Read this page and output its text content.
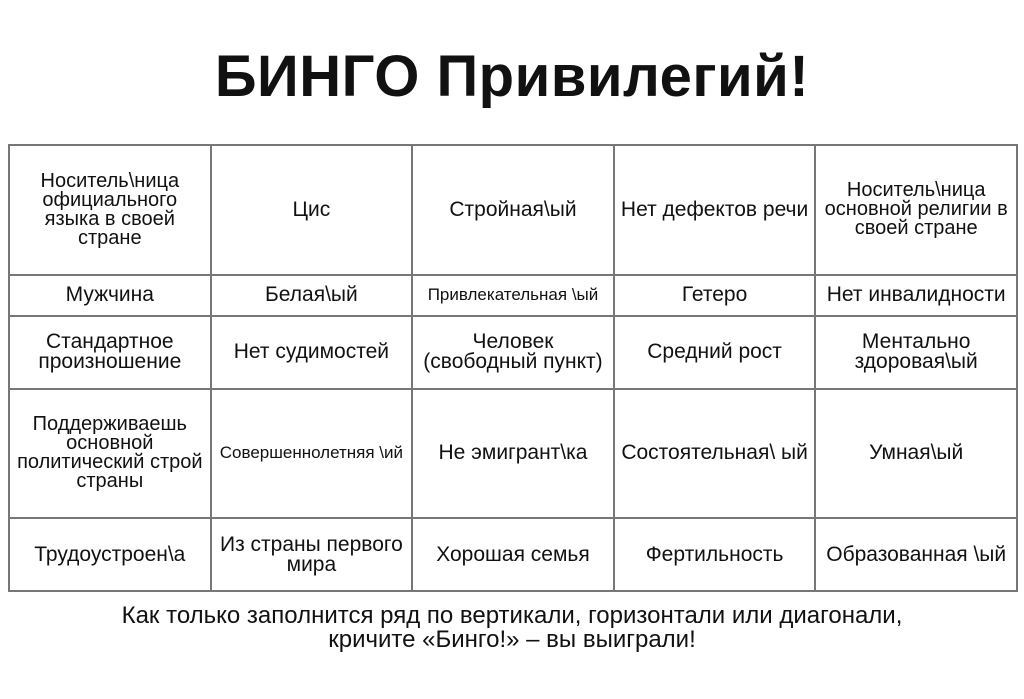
БИНГО Привилегий!
Носитель\ница официального языка в своей стране	Цис	Стройная\ый	Нет дефектов речи	Носитель\ница основной религии в своей стране
Мужчина	Белая\ый	Привлекательная \ый	Гетеро	Нет инвалидности
Стандартное произношение	Нет судимостей	Человек (свободный пункт)	Средний рост	Ментально здоровая\ый
Поддерживаешь основной политический строй страны	Совершеннолетняя \ий	Не эмигрант\ка	Состоятельная\ ый	Умная\ый
Трудоустроен\а	Из страны первого мира	Хорошая семья	Фертильность	Образованная \ый
Как только заполнится ряд по вертикали, горизонтали или диагонали,
кричите «Бинго!» – вы выиграли!
